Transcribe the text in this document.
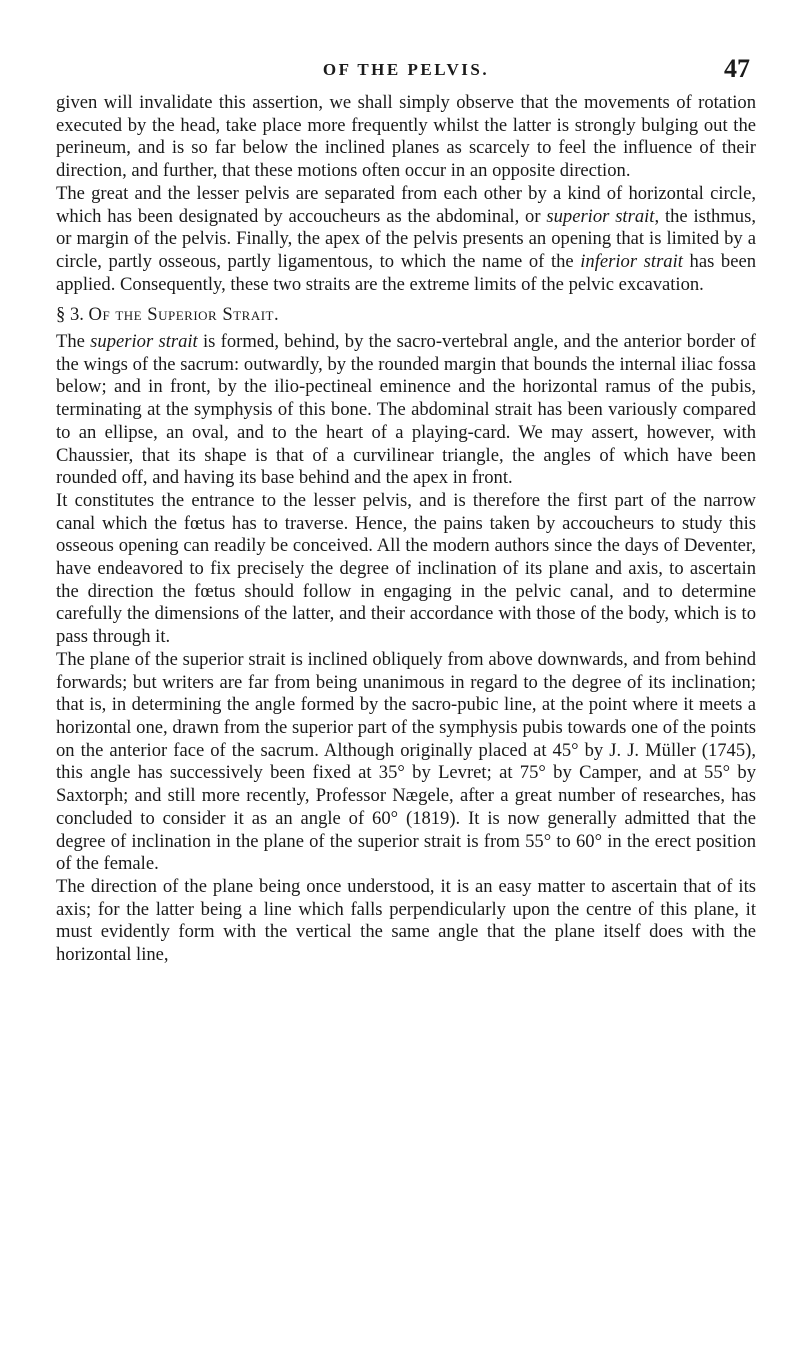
OF THE PELVIS.	47

given will invalidate this assertion, we shall simply observe that the movements of rotation executed by the head, take place more frequently whilst the latter is strongly bulging out the perineum, and is so far below the inclined planes as scarcely to feel the influence of their direction, and further, that these motions often occur in an opposite direction.

The great and the lesser pelvis are separated from each other by a kind of horizontal circle, which has been designated by accoucheurs as the abdominal, or superior strait, the isthmus, or margin of the pelvis. Finally, the apex of the pelvis presents an opening that is limited by a circle, partly osseous, partly ligamentous, to which the name of the inferior strait has been applied. Consequently, these two straits are the extreme limits of the pelvic excavation.

§ 3. Of the Superior Strait.

The superior strait is formed, behind, by the sacro-vertebral angle, and the anterior border of the wings of the sacrum: outwardly, by the rounded margin that bounds the internal iliac fossa below; and in front, by the ilio-pectineal eminence and the horizontal ramus of the pubis, terminating at the symphysis of this bone. The abdominal strait has been variously compared to an ellipse, an oval, and to the heart of a playing-card. We may assert, however, with Chaussier, that its shape is that of a curvilinear triangle, the angles of which have been rounded off, and having its base behind and the apex in front.

It constitutes the entrance to the lesser pelvis, and is therefore the first part of the narrow canal which the fœtus has to traverse. Hence, the pains taken by accoucheurs to study this osseous opening can readily be conceived. All the modern authors since the days of Deventer, have endeavored to fix precisely the degree of inclination of its plane and axis, to ascertain the direction the fœtus should follow in engaging in the pelvic canal, and to determine carefully the dimensions of the latter, and their accordance with those of the body, which is to pass through it.

The plane of the superior strait is inclined obliquely from above downwards, and from behind forwards; but writers are far from being unanimous in regard to the degree of its inclination; that is, in determining the angle formed by the sacro-pubic line, at the point where it meets a horizontal one, drawn from the superior part of the symphysis pubis towards one of the points on the anterior face of the sacrum. Although originally placed at 45° by J. J. Müller (1745), this angle has successively been fixed at 35° by Levret; at 75° by Camper, and at 55° by Saxtorph; and still more recently, Professor Nægele, after a great number of researches, has concluded to consider it as an angle of 60° (1819). It is now generally admitted that the degree of inclination in the plane of the superior strait is from 55° to 60° in the erect position of the female.

The direction of the plane being once understood, it is an easy matter to ascertain that of its axis; for the latter being a line which falls perpendicularly upon the centre of this plane, it must evidently form with the vertical the same angle that the plane itself does with the horizontal line,
